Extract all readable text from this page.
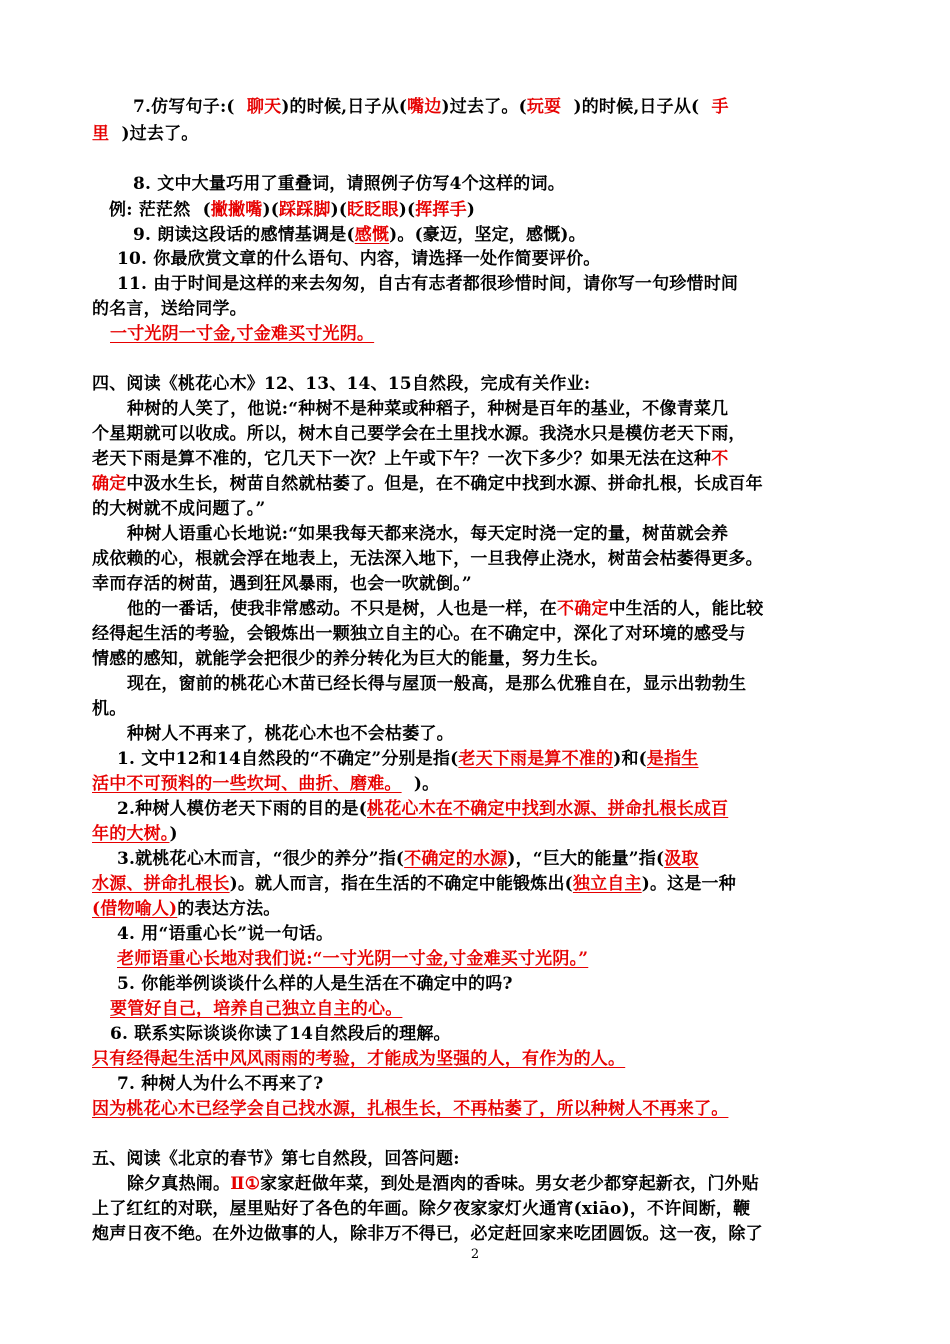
7.仿写句子:(  聊天)的时候,日子从(嘴边)过去了。(玩耍  )的时候,日子从(  手
里  )过去了。
8. 文中大量巧用了重叠词，请照例子仿写4个这样的词。
例: 茫茫然  (撇撇嘴)(踩踩脚)(眨眨眼)(挥挥手)
9. 朗读这段话的感情基调是(感慨)。(豪迈，坚定，感慨)。
10. 你最欣赏文章的什么语句、内容，请选择一处作简要评价。
11. 由于时间是这样的来去匆匆，自古有志者都很珍惜时间，请你写一句珍惜时间
的名言，送给同学。
一寸光阴一寸金,寸金难买寸光阴。
四、阅读《桃花心木》12、13、14、15自然段，完成有关作业:
种树的人笑了，他说:“种树不是种菜或种稻子，种树是百年的基业，不像青菜几
个星期就可以收成。所以，树木自己要学会在土里找水源。我浇水只是模仿老天下雨，
老天下雨是算不准的，它几天下一次？上午或下午？一次下多少？如果无法在这种不
确定中汲水生长，树苗自然就枯萎了。但是，在不确定中找到水源、拼命扎根，长成百年
的大树就不成问题了。”
种树人语重心长地说:“如果我每天都来浇水，每天定时浇一定的量，树苗就会养
成依赖的心，根就会浮在地表上，无法深入地下，一旦我停止浇水，树苗会枯萎得更多。
幸而存活的树苗，遇到狂风暴雨，也会一吹就倒。”
他的一番话，使我非常感动。不只是树，人也是一样，在不确定中生活的人，能比较
经得起生活的考验，会锻炼出一颗独立自主的心。在不确定中，深化了对环境的感受与
情感的感知，就能学会把很少的养分转化为巨大的能量，努力生长。
现在，窗前的桃花心木苗已经长得与屋顶一般高，是那么优雅自在，显示出勃勃生
机。
种树人不再来了，桃花心木也不会枯萎了。
1. 文中12和14自然段的“不确定”分别是指(老天下雨是算不准的)和(是指生
活中不可预料的一些坎坷、曲折、磨难。  )。
2.种树人模仿老天下雨的目的是(桃花心木在不确定中找到水源、拼命扎根长成百
年的大树。)
3.就桃花心木而言，“很少的养分”指(不确定的水源)，“巨大的能量”指(汲取
水源、拼命扎根长)。就人而言，指在生活的不确定中能锻炼出(独立自主)。这是一种
(借物喻人)的表达方法。
4. 用“语重心长”说一句话。
老师语重心长地对我们说:“一寸光阴一寸金,寸金难买寸光阴。”
5. 你能举例谈谈什么样的人是生活在不确定中的吗?
要管好自己，培养自己独立自主的心。
6. 联系实际谈谈你读了14自然段后的理解。
只有经得起生活中风风雨雨的考验，才能成为坚强的人，有作为的人。
7. 种树人为什么不再来了?
因为桃花心木已经学会自己找水源，扎根生长，不再枯萎了，所以种树人不再来了。
五、阅读《北京的春节》第七自然段，回答问题:
除夕真热闹。Ⅱ①家家赶做年菜，到处是酒肉的香味。男女老少都穿起新衣，门外贴
上了红红的对联，屋里贴好了各色的年画。除夕夜家家灯火通宵(xiāo)，不许间断，鞭
炮声日夜不绝。在外边做事的人，除非万不得已，必定赶回家来吃团圆饭。这一夜，除了
2
